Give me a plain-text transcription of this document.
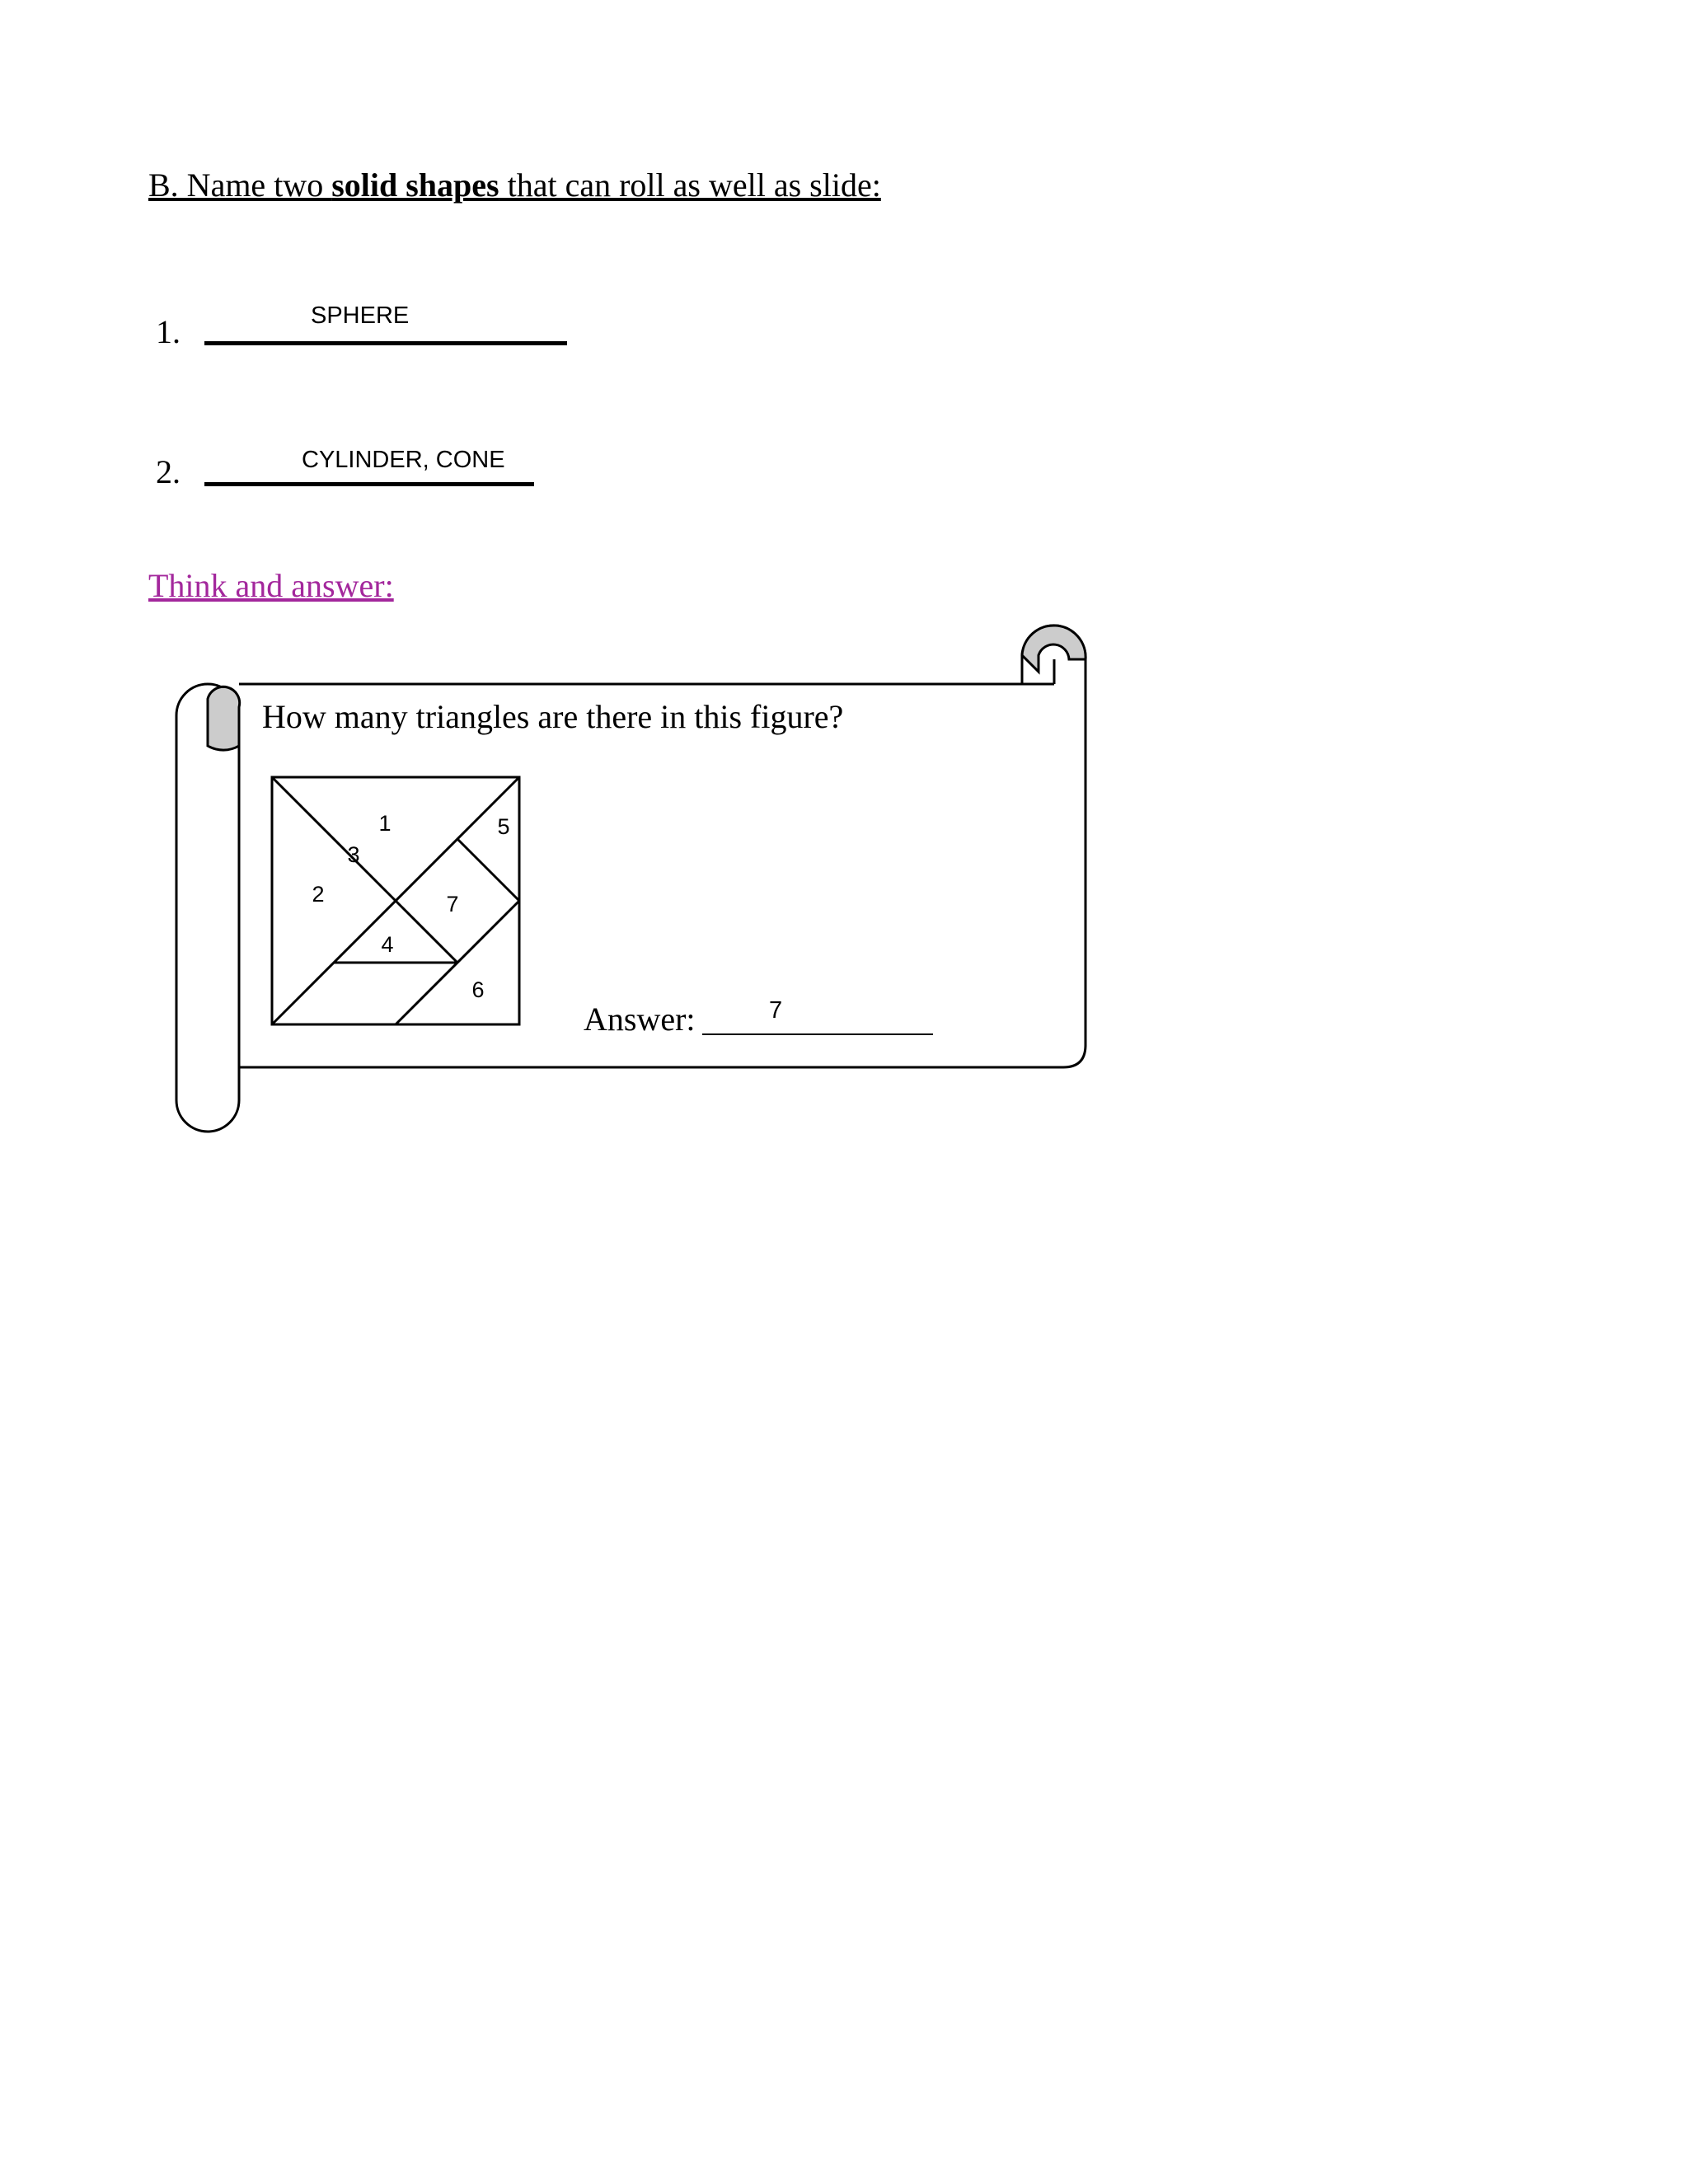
B. Name two solid shapes that can roll as well as slide:
1.	SPHERE
2.	CYLINDER, CONE
Think and answer:
1
2
3
4
5
6
7
How many triangles are there in this figure?
Answer:	7
